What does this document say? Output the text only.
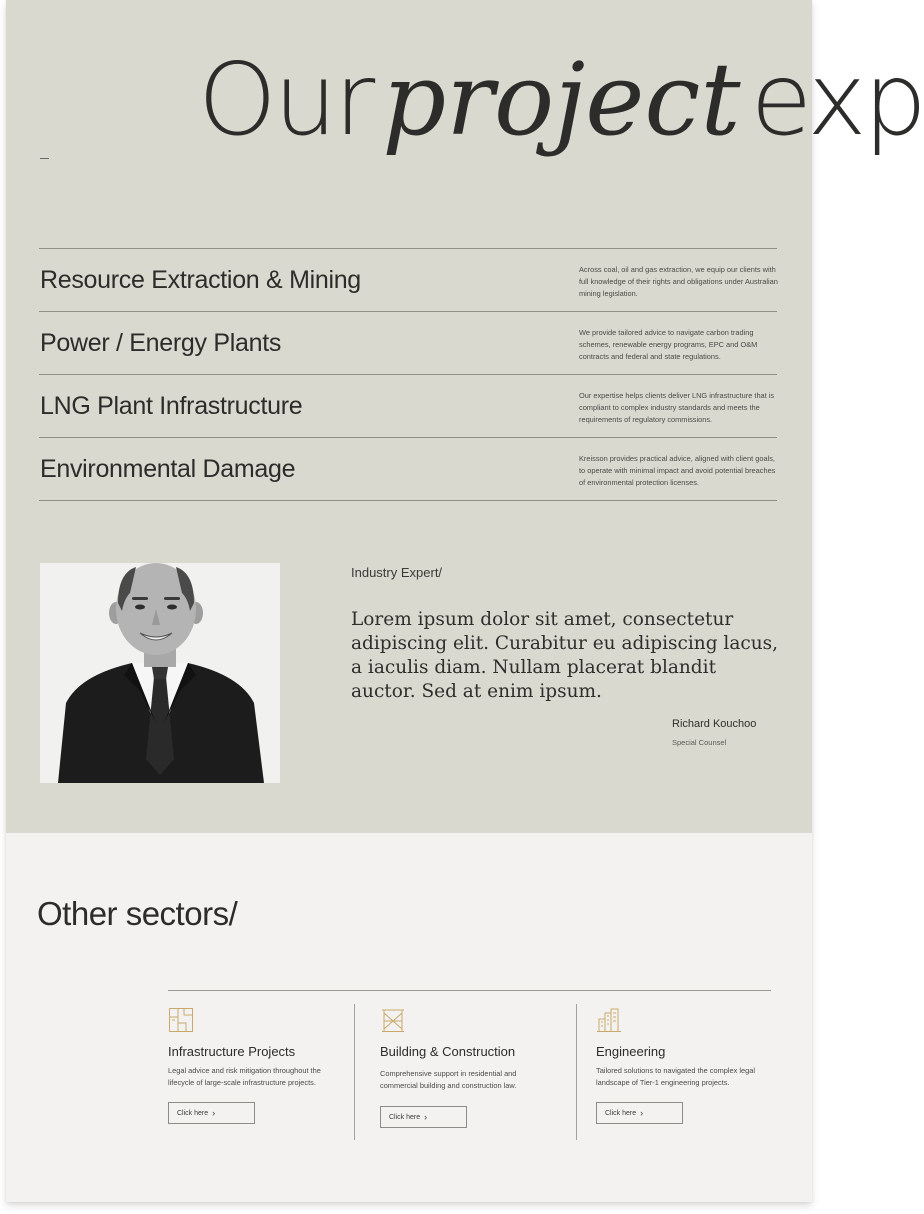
Our project exp
Resource Extraction & Mining	Across coal, oil and gas extraction, we equip our clients with full knowledge of their rights and obligations under Australian mining legislation.
Power / Energy Plants	We provide tailored advice to navigate carbon trading schemes, renewable energy programs, EPC and O&M contracts and federal and state regulations.
LNG Plant Infrastructure	Our expertise helps clients deliver LNG infrastructure that is compliant to complex industry standards and meets the requirements of regulatory commissions.
Environmental Damage	Kreisson provides practical advice, aligned with client goals, to operate with minimal impact and avoid potential breaches of environmental protection licenses.
Industry Expert/
Lorem ipsum dolor sit amet, consectetur adipiscing elit. Curabitur eu adipiscing lacus, a iaculis diam. Nullam placerat blandit auctor. Sed at enim ipsum.
Richard Kouchoo
Special Counsel
Other sectors/
Infrastructure Projects
Legal advice and risk mitigation throughout the lifecycle of large-scale infrastructure projects.
Click here ›
Building & Construction
Comprehensive support in residential and commercial building and construction law.
Click here ›
Engineering
Tailored solutions to navigated the complex legal landscape of Tier-1 engineering projects.
Click here ›
